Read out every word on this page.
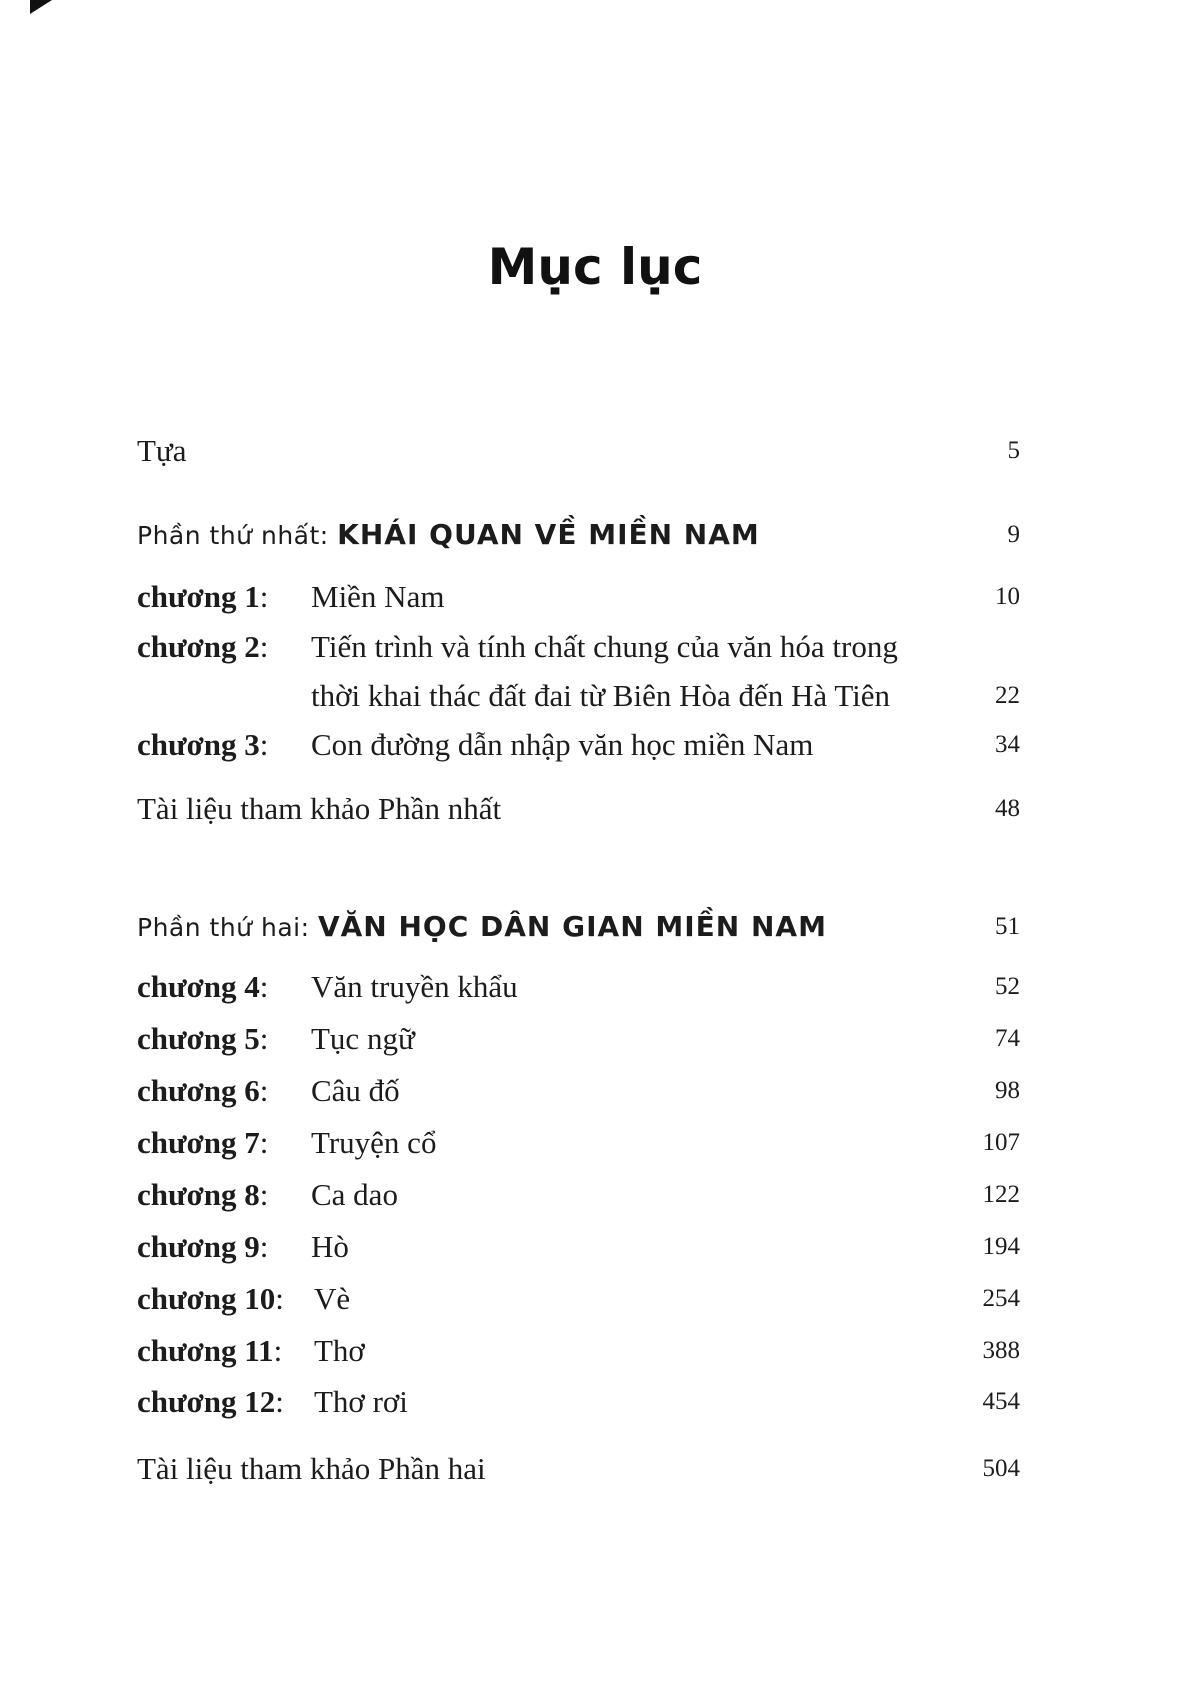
Mục lục
Tựa	5
Phần thứ nhất: KHÁI QUAN VỀ MIỀN NAM	9
chương 1: Miền Nam	10
chương 2: Tiến trình và tính chất chung của văn hóa trong
thời khai thác đất đai từ Biên Hòa đến Hà Tiên	22
chương 3: Con đường dẫn nhập văn học miền Nam	34
Tài liệu tham khảo Phần nhất	48
Phần thứ hai: VĂN HỌC DÂN GIAN MIỀN NAM	51
chương 4: Văn truyền khẩu	52
chương 5: Tục ngữ	74
chương 6: Câu đố	98
chương 7: Truyện cổ	107
chương 8: Ca dao	122
chương 9: Hò	194
chương 10: Vè	254
chương 11: Thơ	388
chương 12: Thơ rơi	454
Tài liệu tham khảo Phần hai	504
